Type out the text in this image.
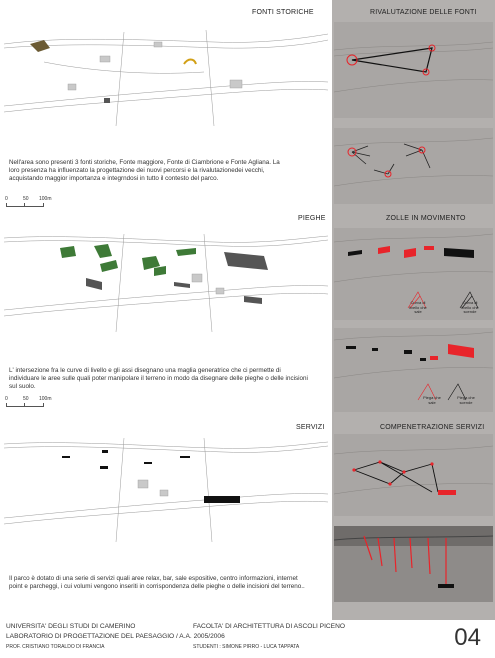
FONTI STORICHE
Nell'area sono presenti 3 fonti storiche, Fonte maggiore, Fonte di Ciambrione e Fonte Agliana. La loro presenza ha influenzato la progettazione dei nuovi percorsi e la rivalutazionedei vecchi, acquistando maggior importanza e integrndosi in tutto il contesto del parco.
0	50 100m
PIEGHE
L' intersezione fra le curve di livello e gli assi disegnano una maglia generatrice che ci permette di individuare le aree sulle quali poter manipolare il terreno in modo da disegnare delle pieghe o delle incisioni sul suolo.
0	50 100m
SERVIZI
Il parco è dotato di una serie di servizi quali aree relax, bar, sale espositive, centro informazioni, internet point e parcheggi, i cui volumi vengono inseriti in corrispondenza delle pieghe o delle incisioni del terreno..
RIVALUTAZIONE DELLE FONTI
ZOLLE IN MOVIMENTO
Curva di livello che sale
Curva di livello che scende
Piega che sale
Piega che scende
COMPENETRAZIONE SERVIZI
UNIVERSITA' DEGLI STUDI DI CAMERINO	FACOLTA' DI ARCHITETTURA DI ASCOLI PICENO
LABORATORIO DI PROGETTAZIONE DEL PAESAGGIO / A.A. 2005/2006
PROF. CRISTIANO TORALDO DI FRANCIA	STUDENTI : SIMONE PIRRO - LUCA TAPPATA	04
